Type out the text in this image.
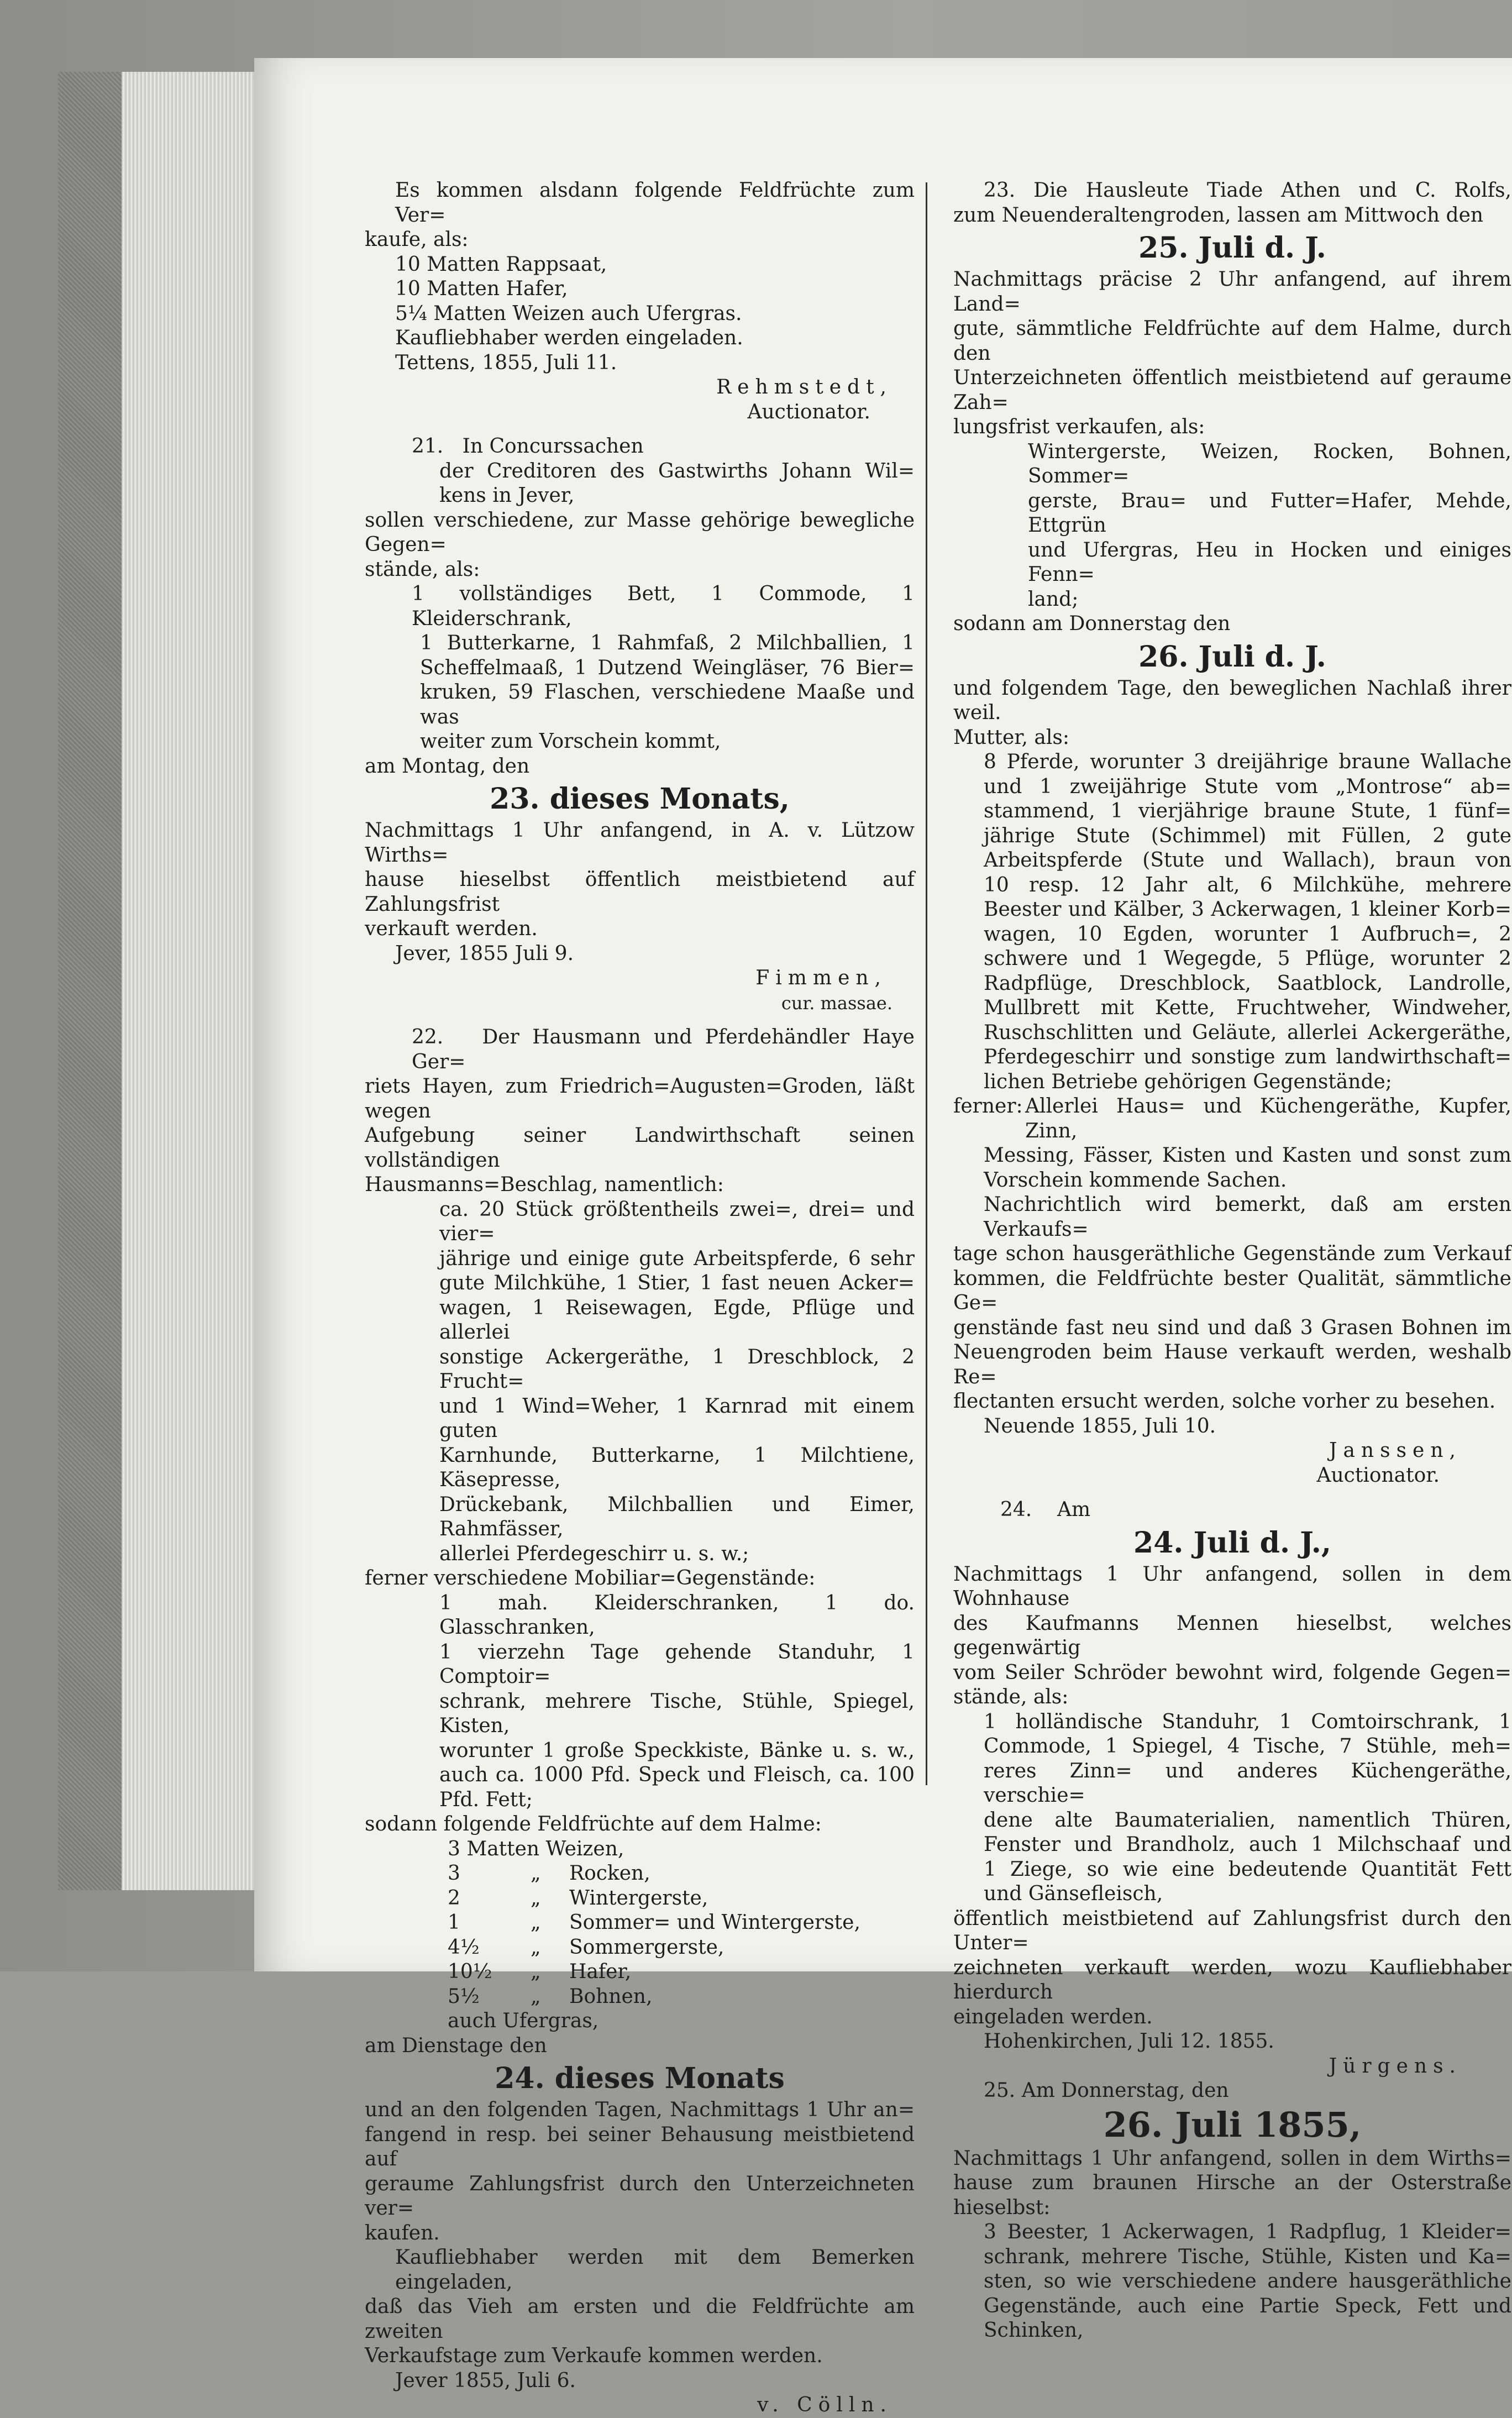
Es kommen alsdann folgende Feldfrüchte zum Ver=
kaufe, als:
10 Matten Rappsaat,
10 Matten Hafer,
5¼ Matten Weizen auch Ufergras.
Kaufliebhaber werden eingeladen.
Tettens, 1855, Juli 11.
Rehmstedt,
Auctionator.
21. In Concurssachen
der Creditoren des Gastwirths Johann Wil=
kens in Jever,
sollen verschiedene, zur Masse gehörige bewegliche Gegen=
stände, als:
1 vollständiges Bett, 1 Commode, 1 Kleiderschrank,
1 Butterkarne, 1 Rahmfaß, 2 Milchballien, 1
Scheffelmaaß, 1 Dutzend Weingläser, 76 Bier=
kruken, 59 Flaschen, verschiedene Maaße und was
weiter zum Vorschein kommt,
am Montag, den
23. dieses Monats,
Nachmittags 1 Uhr anfangend, in A. v. Lützow Wirths=
hause hieselbst öffentlich meistbietend auf Zahlungsfrist
verkauft werden.
Jever, 1855 Juli 9.
Fimmen,
cur. massae.
22. Der Hausmann und Pferdehändler Haye Ger=
riets Hayen, zum Friedrich=Augusten=Groden, läßt wegen
Aufgebung seiner Landwirthschaft seinen vollständigen
Hausmanns=Beschlag, namentlich:
ca. 20 Stück größtentheils zwei=, drei= und vier=
jährige und einige gute Arbeitspferde, 6 sehr
gute Milchkühe, 1 Stier, 1 fast neuen Acker=
wagen, 1 Reisewagen, Egde, Pflüge und allerlei
sonstige Ackergeräthe, 1 Dreschblock, 2 Frucht=
und 1 Wind=Weher, 1 Karnrad mit einem guten
Karnhunde, Butterkarne, 1 Milchtiene, Käsepresse,
Drückebank, Milchballien und Eimer, Rahmfässer,
allerlei Pferdegeschirr u. s. w.;
ferner verschiedene Mobiliar=Gegenstände:
1 mah. Kleiderschranken, 1 do. Glasschranken,
1 vierzehn Tage gehende Standuhr, 1 Comptoir=
schrank, mehrere Tische, Stühle, Spiegel, Kisten,
worunter 1 große Speckkiste, Bänke u. s. w.,
auch ca. 1000 Pfd. Speck und Fleisch, ca. 100
Pfd. Fett;
sodann folgende Feldfrüchte auf dem Halme:
3 Matten Weizen,
3	„	Rocken,
2	„	Wintergerste,
1	„	Sommer= und Wintergerste,
4½	„	Sommergerste,
10½	„	Hafer,
5½	„	Bohnen,
auch Ufergras,
am Dienstage den
24. dieses Monats
und an den folgenden Tagen, Nachmittags 1 Uhr an=
fangend in resp. bei seiner Behausung meistbietend auf
geraume Zahlungsfrist durch den Unterzeichneten ver=
kaufen.
Kaufliebhaber werden mit dem Bemerken eingeladen,
daß das Vieh am ersten und die Feldfrüchte am zweiten
Verkaufstage zum Verkaufe kommen werden.
Jever 1855, Juli 6.
v. Cölln.
23. Die Hausleute Tiade Athen und C. Rolfs,
zum Neuenderaltengroden, lassen am Mittwoch den
25. Juli d. J.
Nachmittags präcise 2 Uhr anfangend, auf ihrem Land=
gute, sämmtliche Feldfrüchte auf dem Halme, durch den
Unterzeichneten öffentlich meistbietend auf geraume Zah=
lungsfrist verkaufen, als:
Wintergerste, Weizen, Rocken, Bohnen, Sommer=
gerste, Brau= und Futter=Hafer, Mehde, Ettgrün
und Ufergras, Heu in Hocken und einiges Fenn=
land;
sodann am Donnerstag den
26. Juli d. J.
und folgendem Tage, den beweglichen Nachlaß ihrer weil.
Mutter, als:
8 Pferde, worunter 3 dreijährige braune Wallache
und 1 zweijährige Stute vom „Montrose“ ab=
stammend, 1 vierjährige braune Stute, 1 fünf=
jährige Stute (Schimmel) mit Füllen, 2 gute
Arbeitspferde (Stute und Wallach), braun von
10 resp. 12 Jahr alt, 6 Milchkühe, mehrere
Beester und Kälber, 3 Ackerwagen, 1 kleiner Korb=
wagen, 10 Egden, worunter 1 Aufbruch=, 2
schwere und 1 Wegegde, 5 Pflüge, worunter 2
Radpflüge, Dreschblock, Saatblock, Landrolle,
Mullbrett mit Kette, Fruchtweher, Windweher,
Ruschschlitten und Geläute, allerlei Ackergeräthe,
Pferdegeschirr und sonstige zum landwirthschaft=
lichen Betriebe gehörigen Gegenstände;
ferner: Allerlei Haus= und Küchengeräthe, Kupfer, Zinn,
Messing, Fässer, Kisten und Kasten und sonst zum
Vorschein kommende Sachen.
Nachrichtlich wird bemerkt, daß am ersten Verkaufs=
tage schon hausgeräthliche Gegenstände zum Verkauf
kommen, die Feldfrüchte bester Qualität, sämmtliche Ge=
genstände fast neu sind und daß 3 Grasen Bohnen im
Neuengroden beim Hause verkauft werden, weshalb Re=
flectanten ersucht werden, solche vorher zu besehen.
Neuende 1855, Juli 10.
Janssen,
Auctionator.
24. Am
24. Juli d. J.,
Nachmittags 1 Uhr anfangend, sollen in dem Wohnhause
des Kaufmanns Mennen hieselbst, welches gegenwärtig
vom Seiler Schröder bewohnt wird, folgende Gegen=
stände, als:
1 holländische Standuhr, 1 Comtoirschrank, 1
Commode, 1 Spiegel, 4 Tische, 7 Stühle, meh=
reres Zinn= und anderes Küchengeräthe, verschie=
dene alte Baumaterialien, namentlich Thüren,
Fenster und Brandholz, auch 1 Milchschaaf und
1 Ziege, so wie eine bedeutende Quantität Fett
und Gänsefleisch,
öffentlich meistbietend auf Zahlungsfrist durch den Unter=
zeichneten verkauft werden, wozu Kaufliebhaber hierdurch
eingeladen werden.
Hohenkirchen, Juli 12. 1855.
Jürgens.
25. Am Donnerstag, den
26. Juli 1855,
Nachmittags 1 Uhr anfangend, sollen in dem Wirths=
hause zum braunen Hirsche an der Osterstraße hieselbst:
3 Beester, 1 Ackerwagen, 1 Radpflug, 1 Kleider=
schrank, mehrere Tische, Stühle, Kisten und Ka=
sten, so wie verschiedene andere hausgeräthliche
Gegenstände, auch eine Partie Speck, Fett und
Schinken,
